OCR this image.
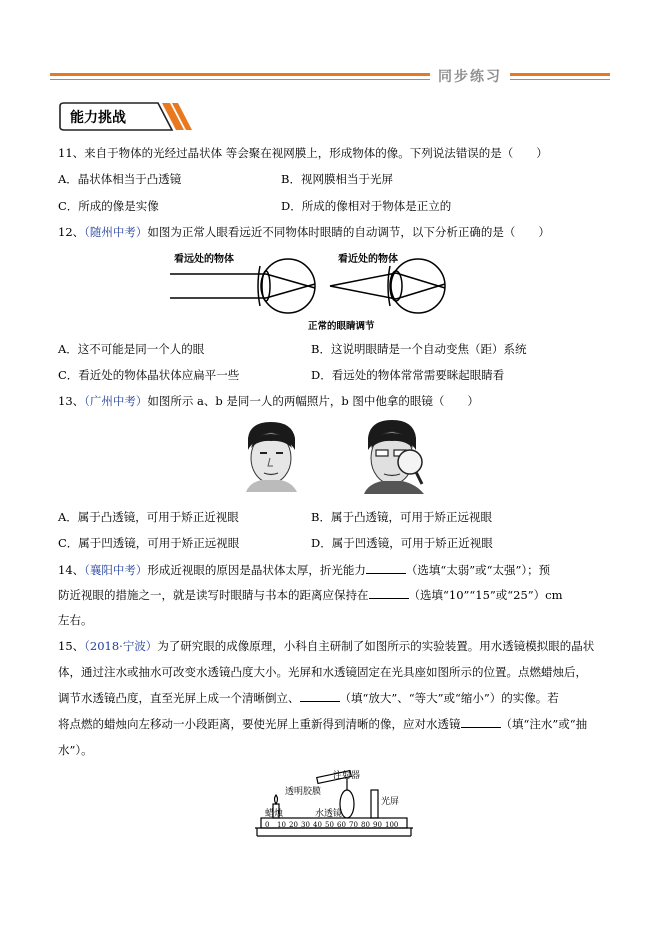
同步练习
能力挑战
11、来自于物体的光经过晶状体 等会聚在视网膜上，形成物体的像。下列说法错误的是（　　）
A．晶状体相当于凸透镜	B．视网膜相当于光屏
C．所成的像是实像	D．所成的像相对于物体是正立的
12、（随州中考）如图为正常人眼看远近不同物体时眼睛的自动调节，以下分析正确的是（　　）
看远处的物体	看近处的物体
正常的眼睛调节
A．这不可能是同一个人的眼	B．这说明眼睛是一个自动变焦（距）系统
C．看近处的物体晶状体应扁平一些	D．看远处的物体常常需要眯起眼睛看
13、（广州中考）如图所示 a、b 是同一人的两幅照片，b 图中他拿的眼镜（　　）
A．属于凸透镜，可用于矫正近视眼	B．属于凸透镜，可用于矫正远视眼
C．属于凹透镜，可用于矫正远视眼	D．属于凹透镜，可用于矫正近视眼
14、（襄阳中考）形成近视眼的原因是晶状体太厚，折光能力	（选填“太弱”或“太强”）；预
防近视眼的措施之一，就是读写时眼睛与书本的距离应保持在	（选填“10”“15”或“25”）cm
左右。
15、（2018·宁波）为了研究眼的成像原理，小科自主研制了如图所示的实验装置。用水透镜模拟眼的晶状
体，通过注水或抽水可改变水透镜凸度大小。光屏和水透镜固定在光具座如图所示的位置。点燃蜡烛后，
调节水透镜凸度，直至光屏上成一个清晰倒立、	（填“放大”、“等大”或“缩小”）的实像。若
将点燃的蜡烛向左移动一小段距离，要使光屏上重新得到清晰的像，应对水透镜	（填“注水”或“抽
水”）。
0 10 20 30 40 50 60 70 80 90 100
注射器
透明胶膜
蜡烛	水透镜
光屏
